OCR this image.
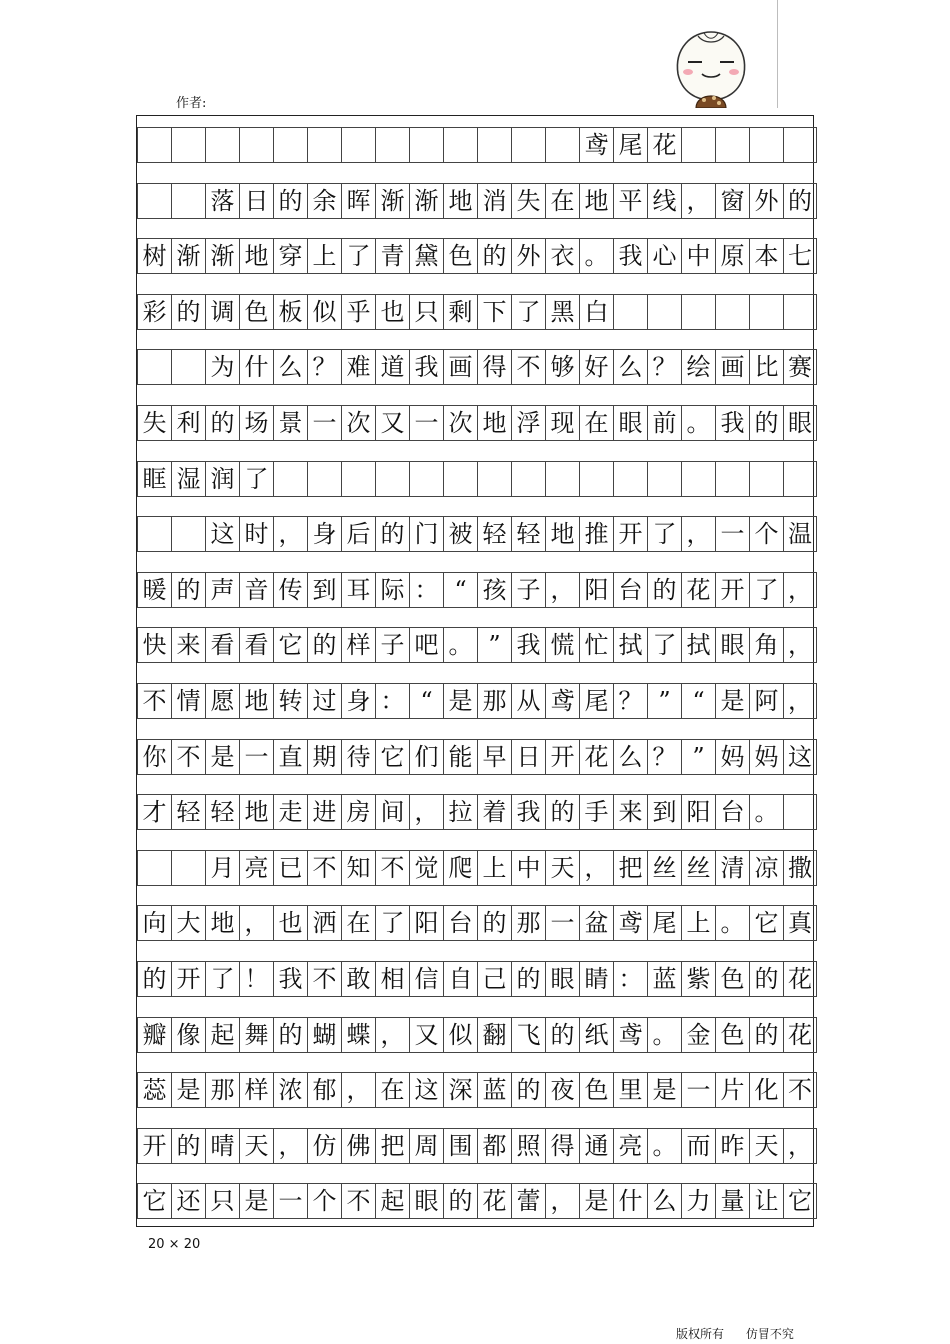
作者:
鸢 尾 花
落 日 的 余 晖 渐 渐 地 消 失 在 地 平 线 ， 窗 外 的
树 渐 渐 地 穿 上 了 青 黛 色 的 外 衣 。 我 心 中 原 本 七
彩 的 调 色 板 似 乎 也 只 剩 下 了 黑 白
为 什 么 ？ 难 道 我 画 得 不 够 好 么 ？ 绘 画 比 赛
失 利 的 场 景 一 次 又 一 次 地 浮 现 在 眼 前 。 我 的 眼
眶 湿 润 了
这 时 ， 身 后 的 门 被 轻 轻 地 推 开 了 ， 一 个 温
暖 的 声 音 传 到 耳 际 ： “ 孩 子 ， 阳 台 的 花 开 了 ，
快 来 看 看 它 的 样 子 吧 。 ” 我 慌 忙 拭 了 拭 眼 角 ，
不 情 愿 地 转 过 身 ： “ 是 那 从 鸢 尾 ？ ” “ 是 阿 ，
你 不 是 一 直 期 待 它 们 能 早 日 开 花 么 ？ ” 妈 妈 这
才 轻 轻 地 走 进 房 间 ， 拉 着 我 的 手 来 到 阳 台 。
月 亮 已 不 知 不 觉 爬 上 中 天 ， 把 丝 丝 清 凉 撒
向 大 地 ， 也 洒 在 了 阳 台 的 那 一 盆 鸢 尾 上 。 它 真
的 开 了 ！ 我 不 敢 相 信 自 己 的 眼 睛 ： 蓝 紫 色 的 花
瓣 像 起 舞 的 蝴 蝶 ， 又 似 翻 飞 的 纸 鸢 。 金 色 的 花
蕊 是 那 样 浓 郁 ， 在 这 深 蓝 的 夜 色 里 是 一 片 化 不
开 的 晴 天 ， 仿 佛 把 周 围 都 照 得 通 亮 。 而 昨 天 ，
它 还 只 是 一 个 不 起 眼 的 花 蕾 ， 是 什 么 力 量 让 它
20 × 20
版权所有 仿冒不究
